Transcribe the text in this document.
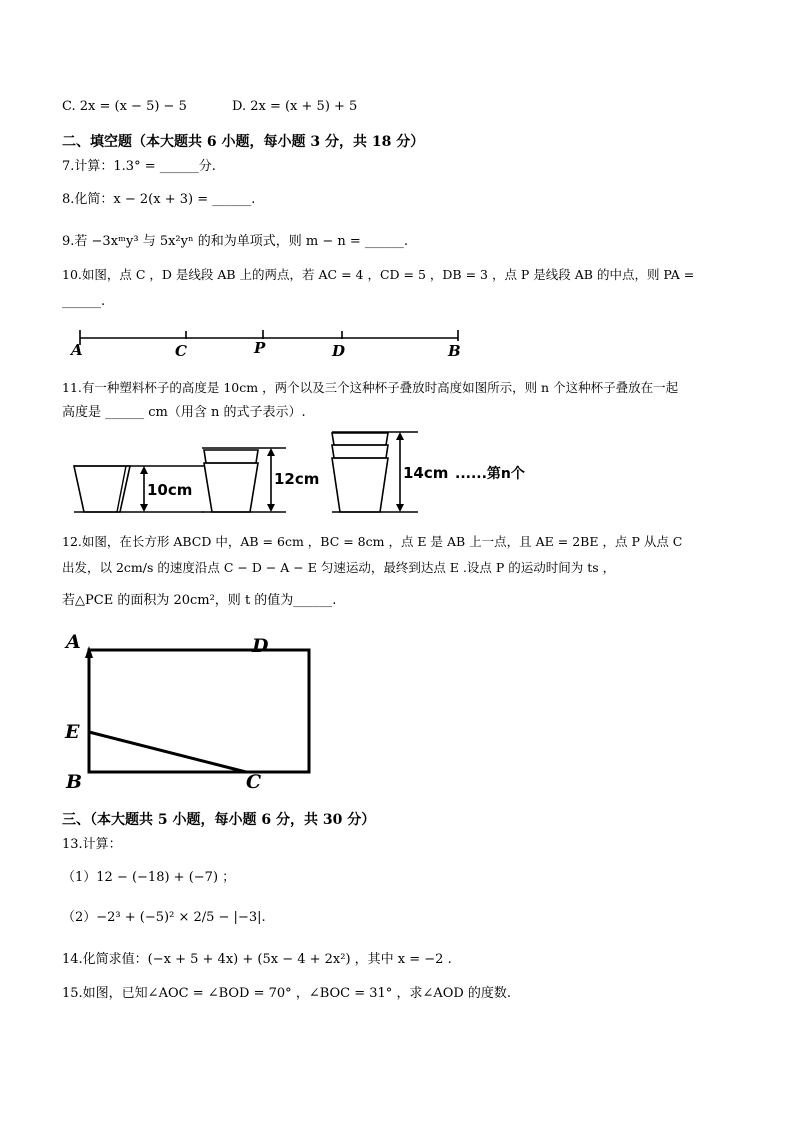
C. 2x = (x − 5) − 5	D. 2x = (x + 5) + 5
二、填空题（本大题共 6 小题，每小题 3 分，共 18 分）
7.计算：1.3° = ______分.
8.化简：x − 2(x + 3) = ______.
9.若 −3xᵐy³ 与 5x²yⁿ 的和为单项式，则 m − n = ______.
10.如图，点 C ，D 是线段 AB 上的两点，若 AC = 4 ，CD = 5 ，DB = 3 ，点 P 是线段 AB 的中点，则 PA =
______.
A	C	P	D	B
11.有一种塑料杯子的高度是 10cm ，两个以及三个这种杯子叠放时高度如图所示，则 n 个这种杯子叠放在一起
高度是 ______ cm（用含 n 的式子表示）.
10cm
12cm	14cm ......第n个
12.如图，在长方形 ABCD 中，AB = 6cm ，BC = 8cm ，点 E 是 AB 上一点，且 AE = 2BE ，点 P 从点 C
出发，以 2cm/s 的速度沿点 C − D − A − E 匀速运动，最终到达点 E .设点 P 的运动时间为 ts ，
若△PCE 的面积为 20cm²，则 t 的值为______.
A	D
E
B	C
三、（本大题共 5 小题，每小题 6 分，共 30 分）
13.计算：
（1）12 − (−18) + (−7) ；
（2）−2³ + (−5)² × 2/5 − |−3|.
14.化简求值：(−x + 5 + 4x) + (5x − 4 + 2x²) ，其中 x = −2 .
15.如图，已知∠AOC = ∠BOD = 70° ，∠BOC = 31° ，求∠AOD 的度数.
